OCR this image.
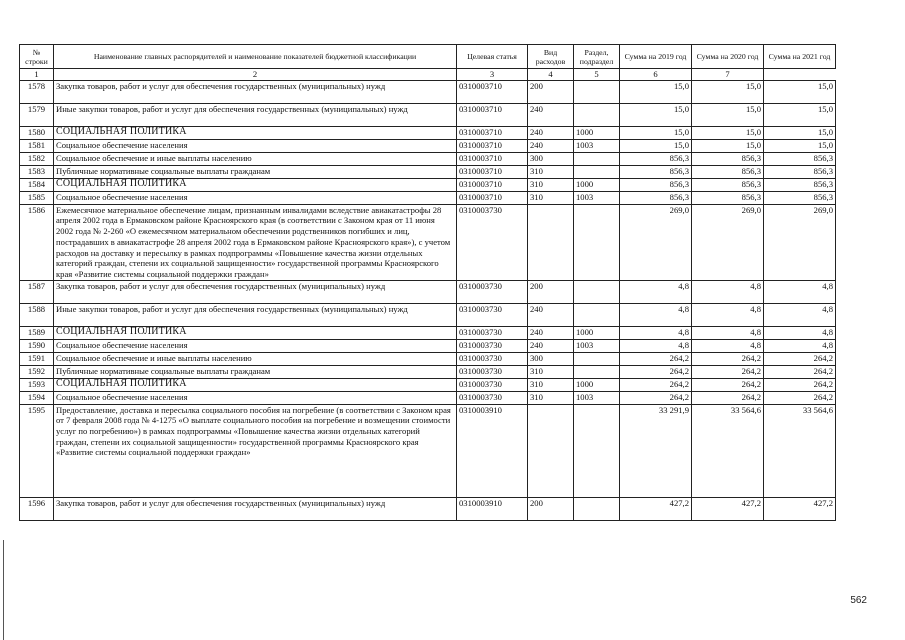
№ строки	Наименование главных распорядителей и наименование показателей бюджетной классификации	Целевая статья	Вид расходов	Раздел, подраздел	Сумма на 2019 год	Сумма на 2020 год	Сумма на 2021 год
1	2	3	4	5	6	7	
1578	Закупка товаров, работ и услуг для обеспечения государственных (муниципальных) нужд	0310003710	200		15,0	15,0	15,0
1579	Иные закупки товаров, работ и услуг для обеспечения государственных (муниципальных) нужд	0310003710	240		15,0	15,0	15,0
1580	СОЦИАЛЬНАЯ ПОЛИТИКА	0310003710	240	1000	15,0	15,0	15,0
1581	Социальное обеспечение населения	0310003710	240	1003	15,0	15,0	15,0
1582	Социальное обеспечение и иные выплаты населению	0310003710	300		856,3	856,3	856,3
1583	Публичные нормативные социальные выплаты гражданам	0310003710	310		856,3	856,3	856,3
1584	СОЦИАЛЬНАЯ ПОЛИТИКА	0310003710	310	1000	856,3	856,3	856,3
1585	Социальное обеспечение населения	0310003710	310	1003	856,3	856,3	856,3
1586	Ежемесячное материальное обеспечение лицам, признанным инвалидами вследствие авиакатастрофы 28 апреля 2002 года в Ермаковском районе Красноярского края (в соответствии с Законом края от 11 июня 2002 года № 2-260 «О ежемесячном материальном обеспечении родственников погибших и лиц, пострадавших в авиакатастрофе 28 апреля 2002 года в Ермаковском районе Красноярского края»), с учетом расходов на доставку и пересылку в рамках подпрограммы «Повышение качества жизни отдельных категорий граждан, степени их социальной защищенности» государственной программы Красноярского края «Развитие системы социальной поддержки граждан»	0310003730			269,0	269,0	269,0
1587	Закупка товаров, работ и услуг для обеспечения государственных (муниципальных) нужд	0310003730	200		4,8	4,8	4,8
1588	Иные закупки товаров, работ и услуг для обеспечения государственных (муниципальных) нужд	0310003730	240		4,8	4,8	4,8
1589	СОЦИАЛЬНАЯ ПОЛИТИКА	0310003730	240	1000	4,8	4,8	4,8
1590	Социальное обеспечение населения	0310003730	240	1003	4,8	4,8	4,8
1591	Социальное обеспечение и иные выплаты населению	0310003730	300		264,2	264,2	264,2
1592	Публичные нормативные социальные выплаты гражданам	0310003730	310		264,2	264,2	264,2
1593	СОЦИАЛЬНАЯ ПОЛИТИКА	0310003730	310	1000	264,2	264,2	264,2
1594	Социальное обеспечение населения	0310003730	310	1003	264,2	264,2	264,2
1595	Предоставление, доставка и пересылка социального пособия на погребение (в соответствии с Законом края от 7 февраля 2008 года № 4-1275 «О выплате социального пособия на погребение и возмещении стоимости услуг по погребению») в рамках подпрограммы «Повышение качества жизни отдельных категорий граждан, степени их социальной защищенности» государственной программы Красноярского края «Развитие системы социальной поддержки граждан»	0310003910			33 291,9	33 564,6	33 564,6
1596	Закупка товаров, работ и услуг для обеспечения государственных (муниципальных) нужд	0310003910	200		427,2	427,2	427,2
562
